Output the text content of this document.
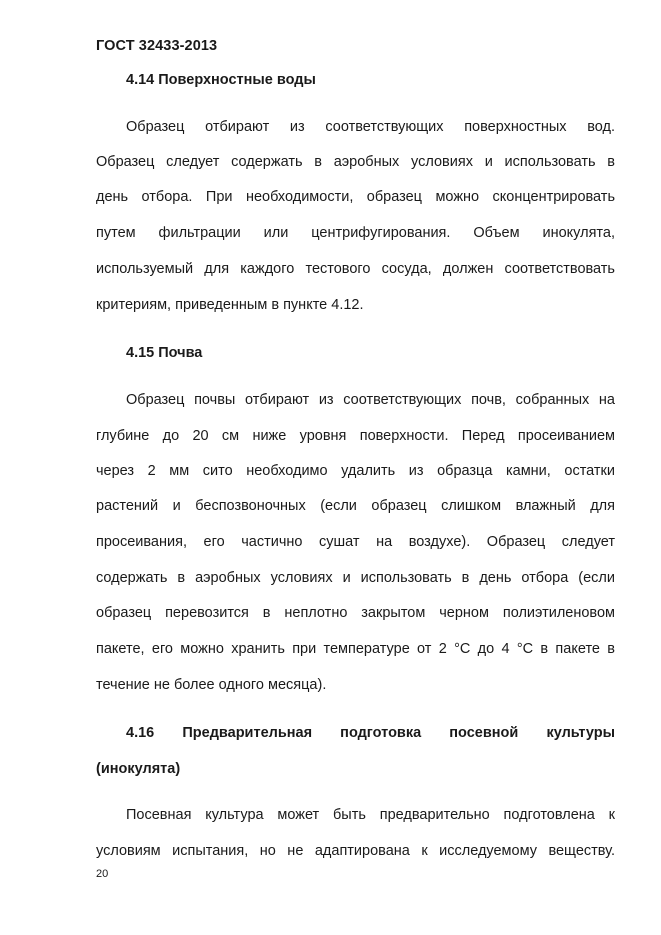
ГОСТ 32433-2013
4.14 Поверхностные воды
Образец отбирают из соответствующих поверхностных вод.
Образец следует содержать в аэробных условиях и использовать в
день отбора. При необходимости, образец можно сконцентрировать
путем фильтрации или центрифугирования. Объем инокулята,
используемый для каждого тестового сосуда, должен соответствовать
критериям, приведенным в пункте 4.12.
4.15 Почва
Образец почвы отбирают из соответствующих почв, собранных на
глубине до 20 см ниже уровня поверхности. Перед просеиванием
через 2 мм сито необходимо удалить из образца камни, остатки
растений и беспозвоночных (если образец слишком влажный для
просеивания, его частично сушат на воздухе). Образец следует
содержать в аэробных условиях и использовать в день отбора (если
образец перевозится в неплотно закрытом черном полиэтиленовом
пакете, его можно хранить при температуре от 2 °С до 4 °С в пакете в
течение не более одного месяца).
4.16 Предварительная подготовка посевной культуры
(инокулята)
Посевная культура может быть предварительно подготовлена к
условиям испытания, но не адаптирована к исследуемому веществу.
20
